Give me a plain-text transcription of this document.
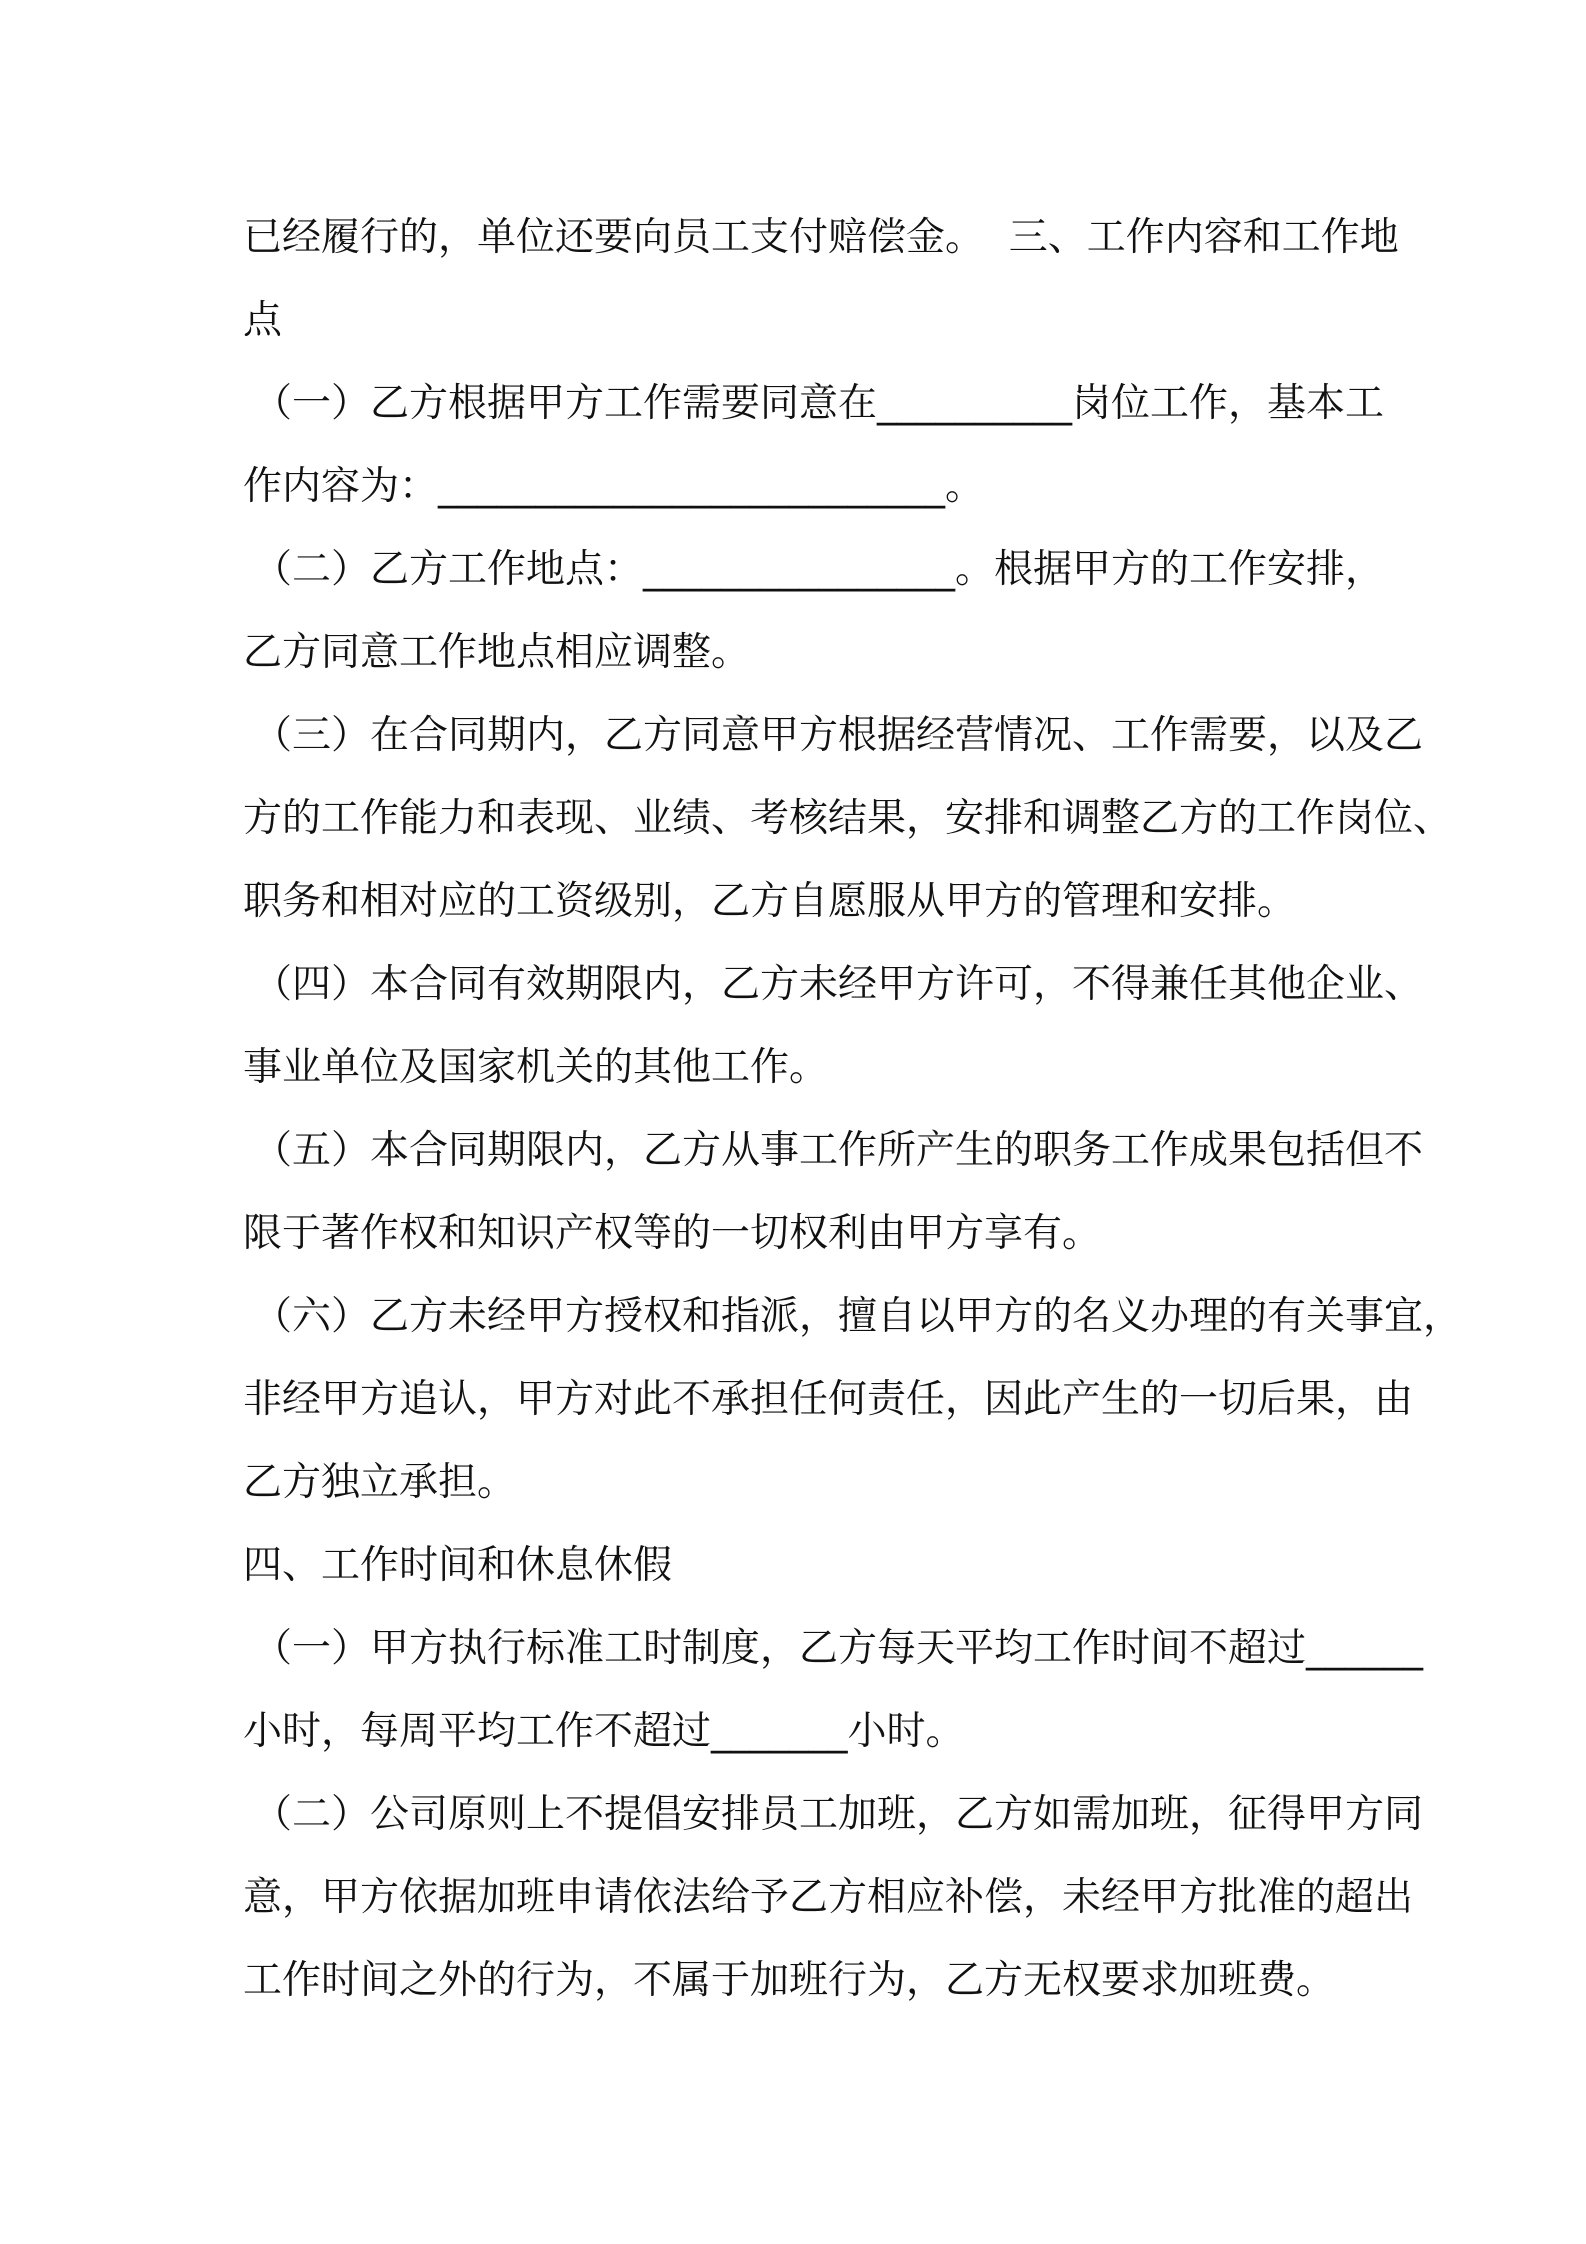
已经履行的，单位还要向员工支付赔偿金。  三、工作内容和工作地
点
（一）乙方根据甲方工作需要同意在__________岗位工作，基本工
作内容为：__________________________。
（二）乙方工作地点：________________。根据甲方的工作安排，
乙方同意工作地点相应调整。
（三）在合同期内，乙方同意甲方根据经营情况、工作需要，以及乙
方的工作能力和表现、业绩、考核结果，安排和调整乙方的工作岗位、
职务和相对应的工资级别，乙方自愿服从甲方的管理和安排。
（四）本合同有效期限内，乙方未经甲方许可，不得兼任其他企业、
事业单位及国家机关的其他工作。
（五）本合同期限内，乙方从事工作所产生的职务工作成果包括但不
限于著作权和知识产权等的一切权利由甲方享有。
（六）乙方未经甲方授权和指派，擅自以甲方的名义办理的有关事宜，
非经甲方追认，甲方对此不承担任何责任，因此产生的一切后果，由
乙方独立承担。
四、工作时间和休息休假
（一）甲方执行标准工时制度，乙方每天平均工作时间不超过______
小时，每周平均工作不超过_______小时。
（二）公司原则上不提倡安排员工加班，乙方如需加班，征得甲方同
意，甲方依据加班申请依法给予乙方相应补偿，未经甲方批准的超出
工作时间之外的行为，不属于加班行为，乙方无权要求加班费。
